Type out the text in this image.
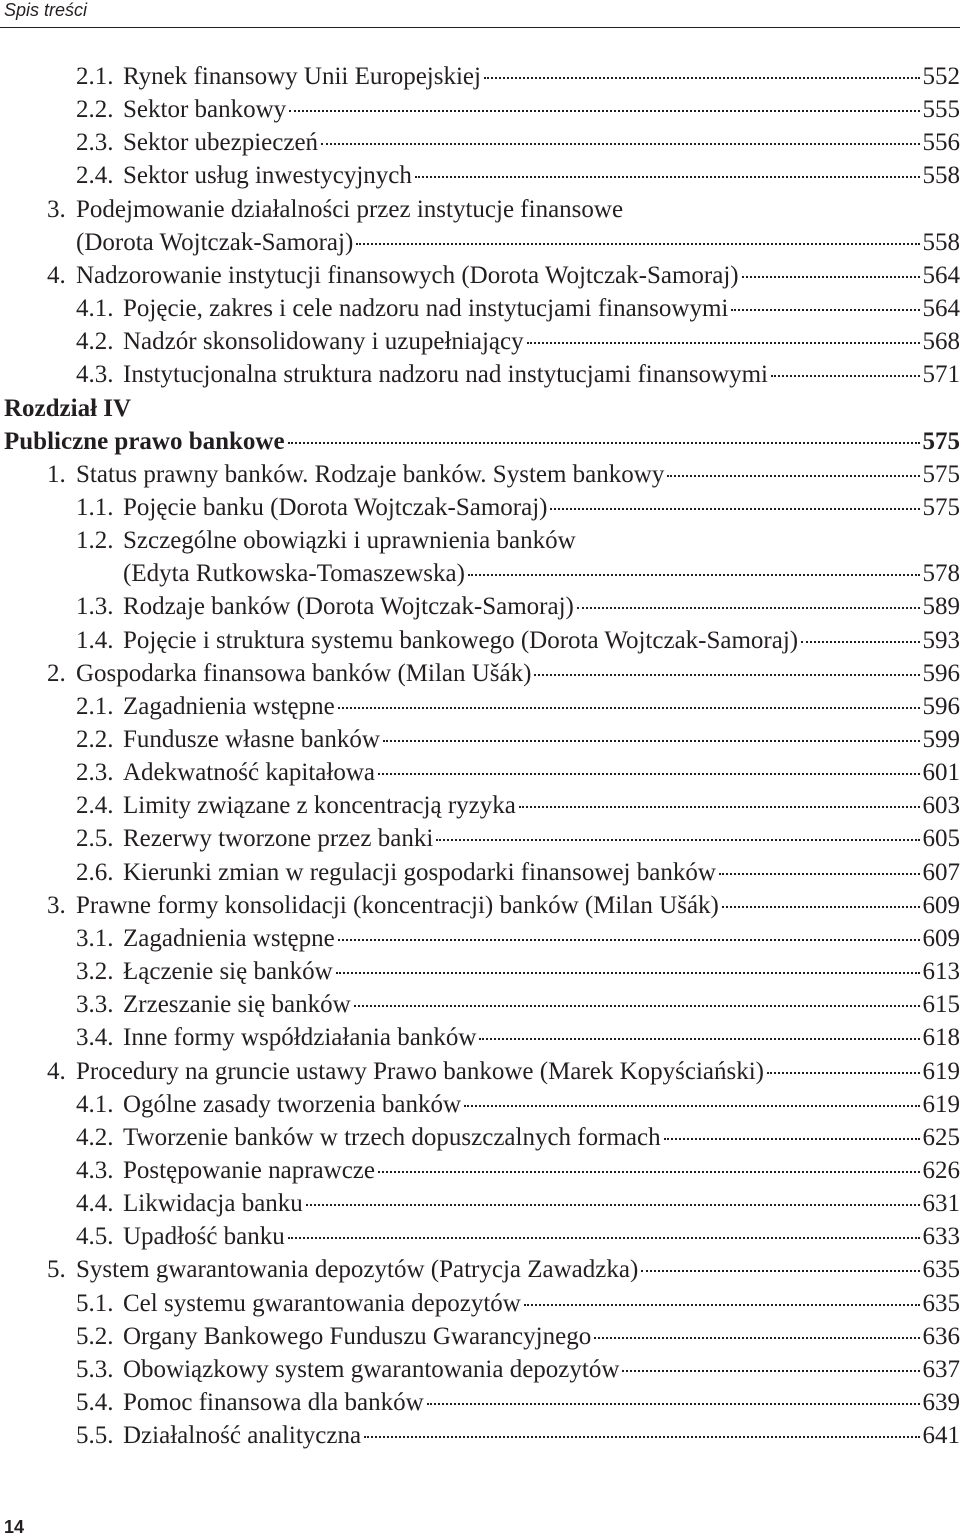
Spis treści
2.1. Rynek finansowy Unii Europejskiej	552
2.2. Sektor bankowy	555
2.3. Sektor ubezpieczeń	556
2.4. Sektor usług inwestycyjnych	558
3. Podejmowanie działalności przez instytucje finansowe
(Dorota Wojtczak-Samoraj)	558
4. Nadzorowanie instytucji finansowych (Dorota Wojtczak-Samoraj)	564
4.1. Pojęcie, zakres i cele nadzoru nad instytucjami finansowymi	564
4.2. Nadzór skonsolidowany i uzupełniający	568
4.3. Instytucjonalna struktura nadzoru nad instytucjami finansowymi	571
Rozdział IV
Publiczne prawo bankowe	575
1. Status prawny banków. Rodzaje banków. System bankowy	575
1.1. Pojęcie banku (Dorota Wojtczak-Samoraj)	575
1.2. Szczególne obowiązki i uprawnienia banków
(Edyta Rutkowska-Tomaszewska)	578
1.3. Rodzaje banków (Dorota Wojtczak-Samoraj)	589
1.4. Pojęcie i struktura systemu bankowego (Dorota Wojtczak-Samoraj)	593
2. Gospodarka finansowa banków (Milan Ušák)	596
2.1. Zagadnienia wstępne	596
2.2. Fundusze własne banków	599
2.3. Adekwatność kapitałowa	601
2.4. Limity związane z koncentracją ryzyka	603
2.5. Rezerwy tworzone przez banki	605
2.6. Kierunki zmian w regulacji gospodarki finansowej banków	607
3. Prawne formy konsolidacji (koncentracji) banków (Milan Ušák)	609
3.1. Zagadnienia wstępne	609
3.2. Łączenie się banków	613
3.3. Zrzeszanie się banków	615
3.4. Inne formy współdziałania banków	618
4. Procedury na gruncie ustawy Prawo bankowe (Marek Kopyściański)	619
4.1. Ogólne zasady tworzenia banków	619
4.2. Tworzenie banków w trzech dopuszczalnych formach	625
4.3. Postępowanie naprawcze	626
4.4. Likwidacja banku	631
4.5. Upadłość banku	633
5. System gwarantowania depozytów (Patrycja Zawadzka)	635
5.1. Cel systemu gwarantowania depozytów	635
5.2. Organy Bankowego Funduszu Gwarancyjnego	636
5.3. Obowiązkowy system gwarantowania depozytów	637
5.4. Pomoc finansowa dla banków	639
5.5. Działalność analityczna	641
14
